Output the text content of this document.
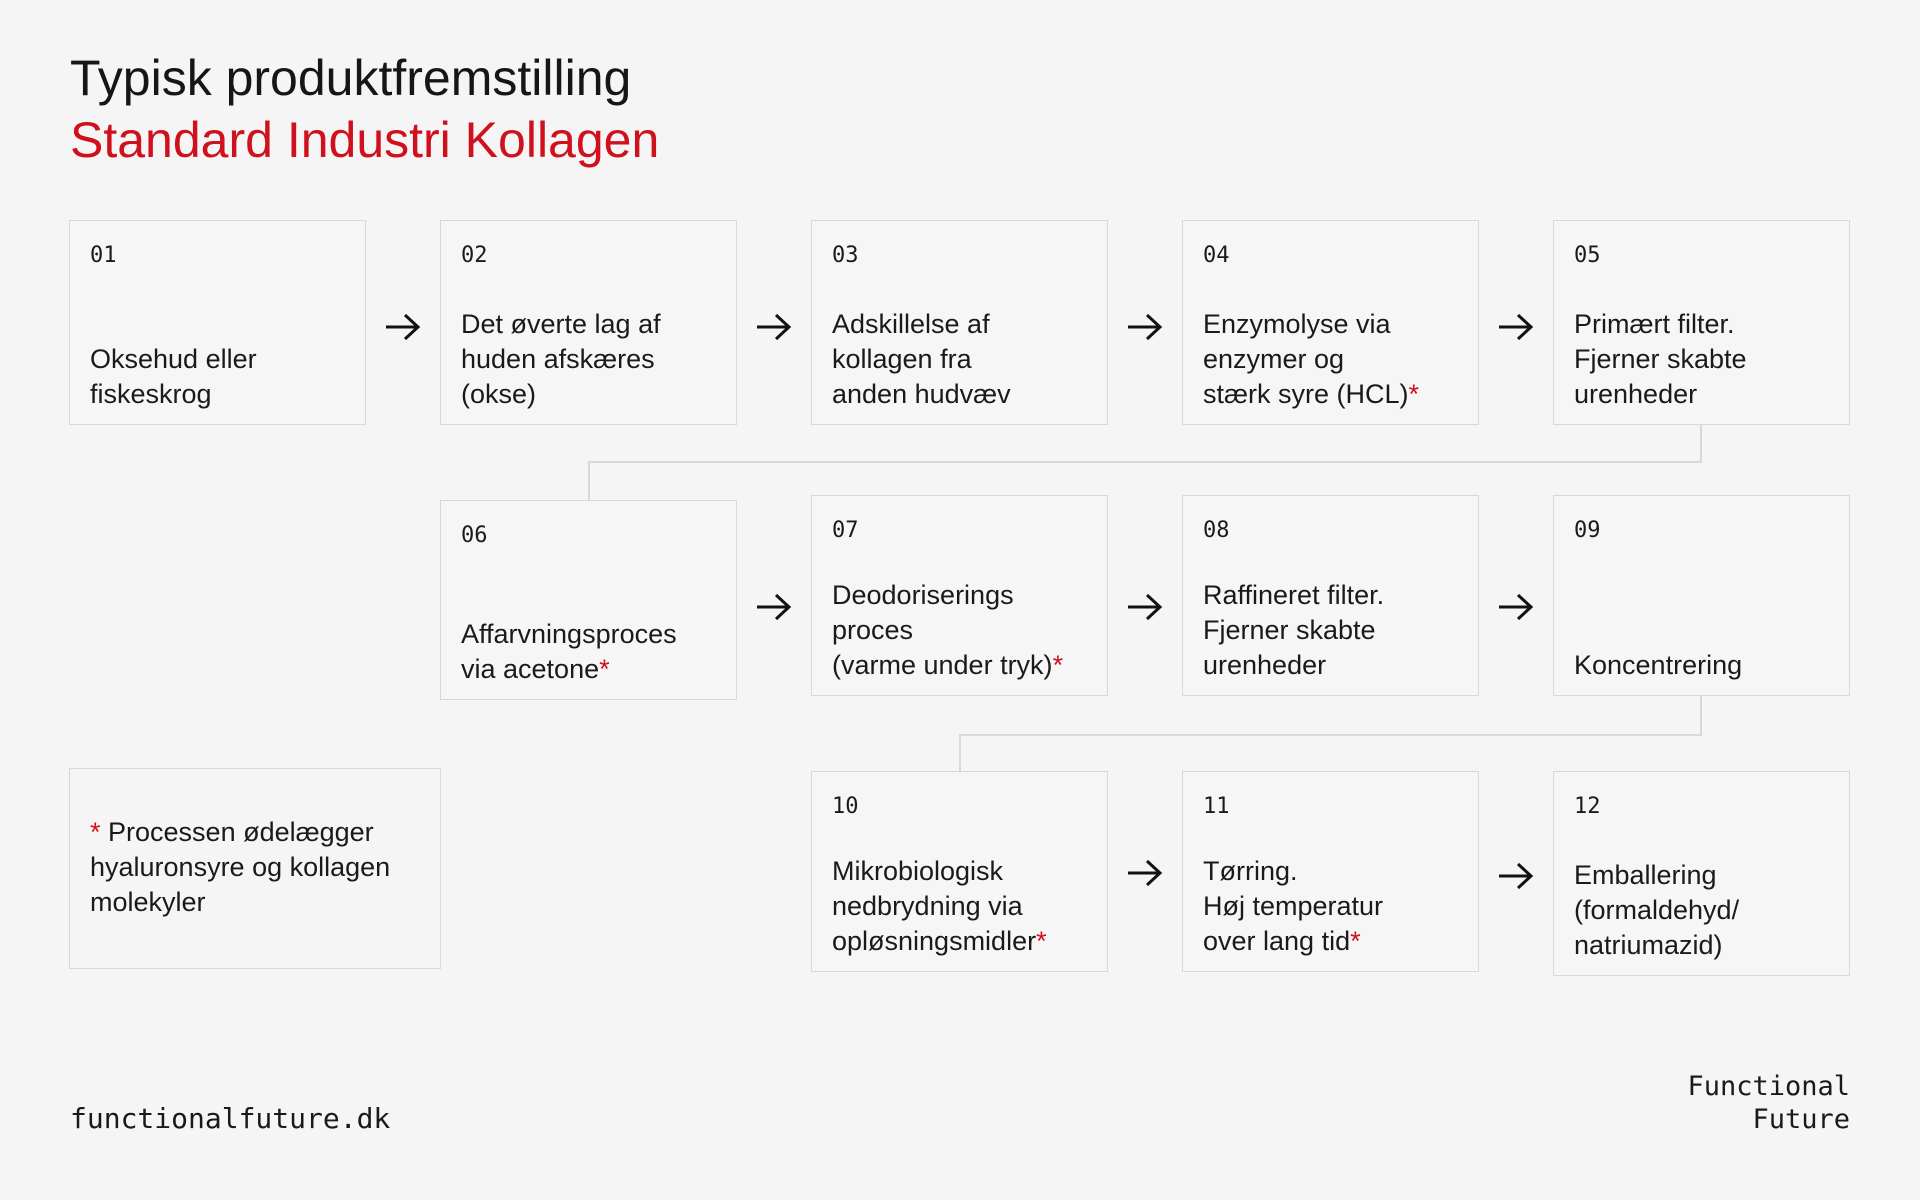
Typisk produktfremstilling
Standard Industri Kollagen
01
Oksehud eller
fiskeskrog
02
Det øverte lag af
huden afskæres
(okse)
03
Adskillelse af
kollagen fra
anden hudvæv
04
Enzymolyse via
enzymer og
stærk syre (HCL)*
05
Primært filter.
Fjerner skabte
urenheder
06
Affarvningsproces
via acetone*
07
Deodoriserings
proces
(varme under tryk)*
08
Raffineret filter.
Fjerner skabte
urenheder
09
Koncentrering
10
Mikrobiologisk
nedbrydning via
opløsningsmidler*
11
Tørring.
Høj temperatur
over lang tid*
12
Emballering
(formaldehyd/
natriumazid)
* Processen ødelægger hyaluronsyre og kollagen molekyler
functionalfuture.dk
Functional
Future
